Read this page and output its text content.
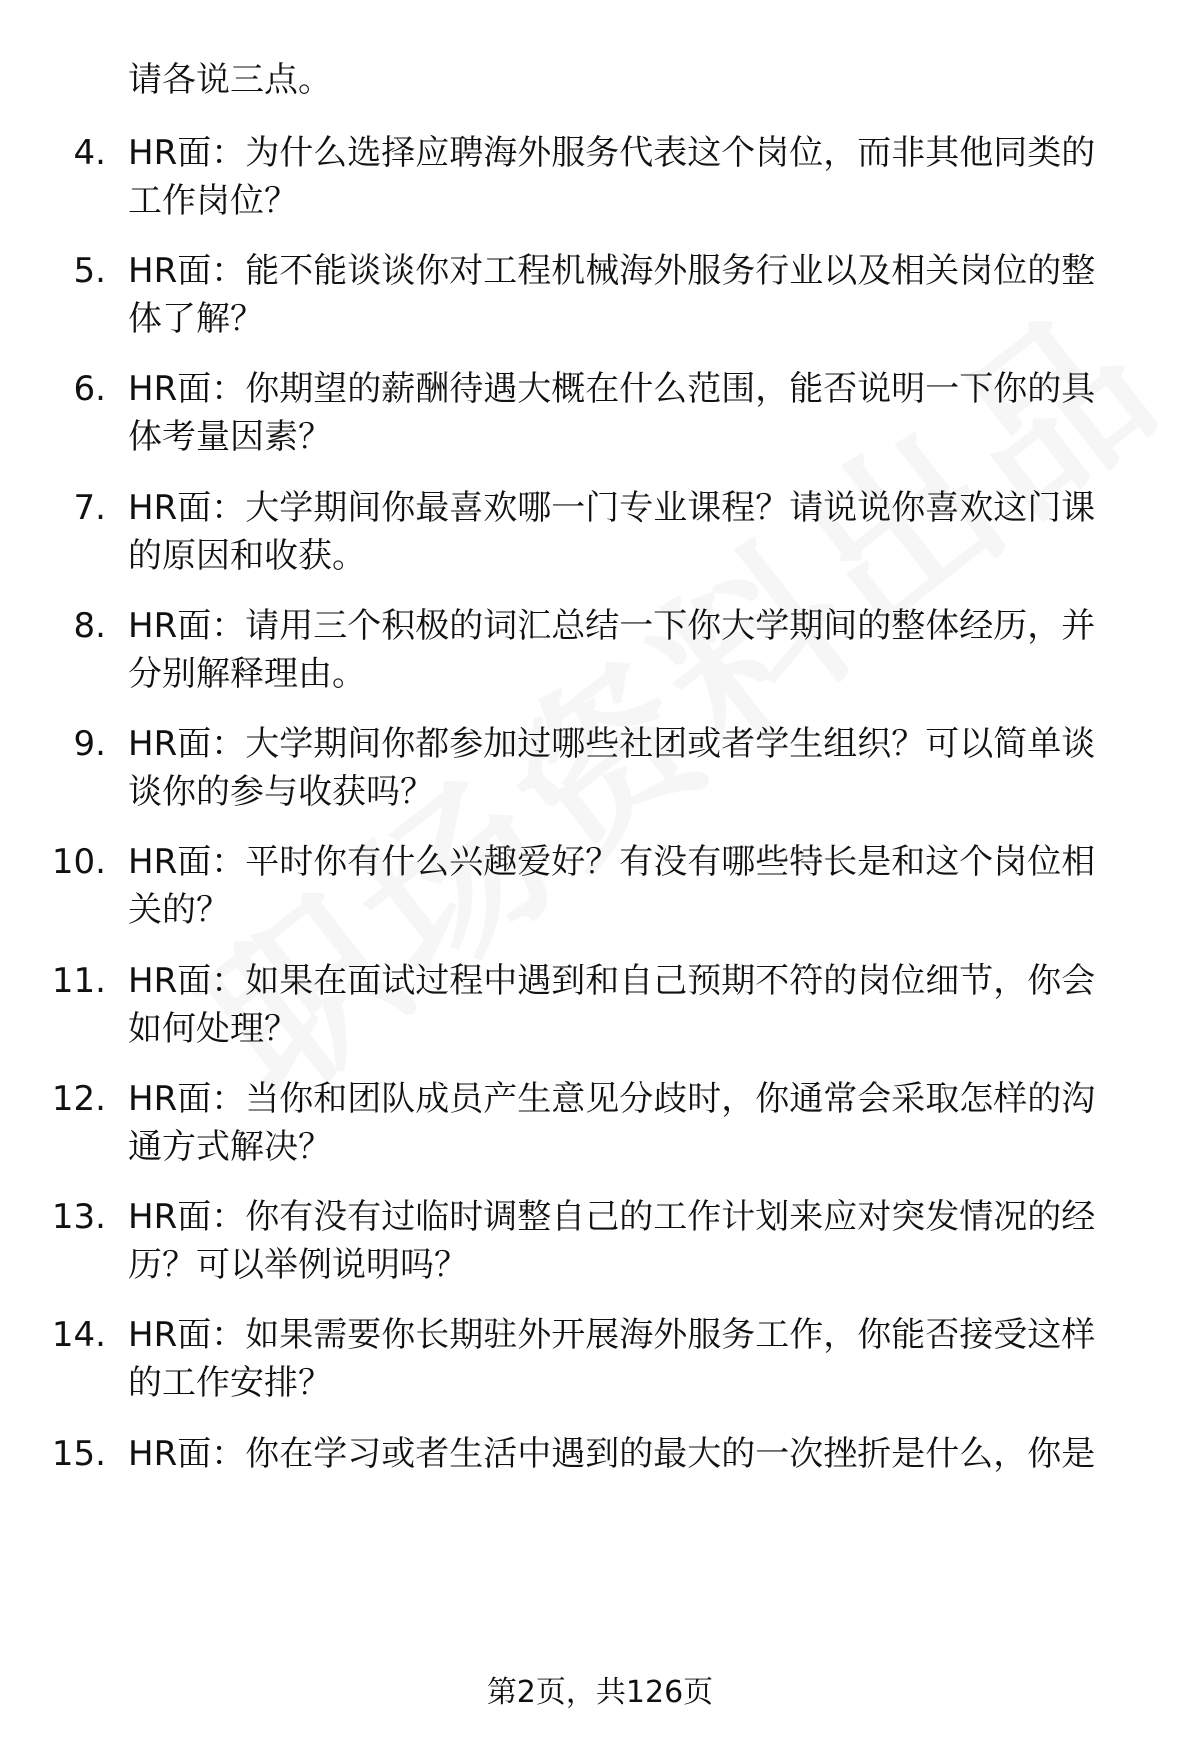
请各说三点。
4. HR面：为什么选择应聘海外服务代表这个岗位，而非其他同类的
工作岗位？
5. HR面：能不能谈谈你对工程机械海外服务行业以及相关岗位的整
体了解？
6. HR面：你期望的薪酬待遇大概在什么范围，能否说明一下你的具
体考量因素？
7. HR面：大学期间你最喜欢哪一门专业课程？请说说你喜欢这门课
的原因和收获。
8. HR面：请用三个积极的词汇总结一下你大学期间的整体经历，并
分别解释理由。
9. HR面：大学期间你都参加过哪些社团或者学生组织？可以简单谈
谈你的参与收获吗？
10. HR面：平时你有什么兴趣爱好？有没有哪些特长是和这个岗位相
关的？
11. HR面：如果在面试过程中遇到和自己预期不符的岗位细节，你会
如何处理？
12. HR面：当你和团队成员产生意见分歧时，你通常会采取怎样的沟
通方式解决？
13. HR面：你有没有过临时调整自己的工作计划来应对突发情况的经
历？可以举例说明吗？
14. HR面：如果需要你长期驻外开展海外服务工作，你能否接受这样
的工作安排？
15. HR面：你在学习或者生活中遇到的最大的一次挫折是什么，你是
第2页，共126页
